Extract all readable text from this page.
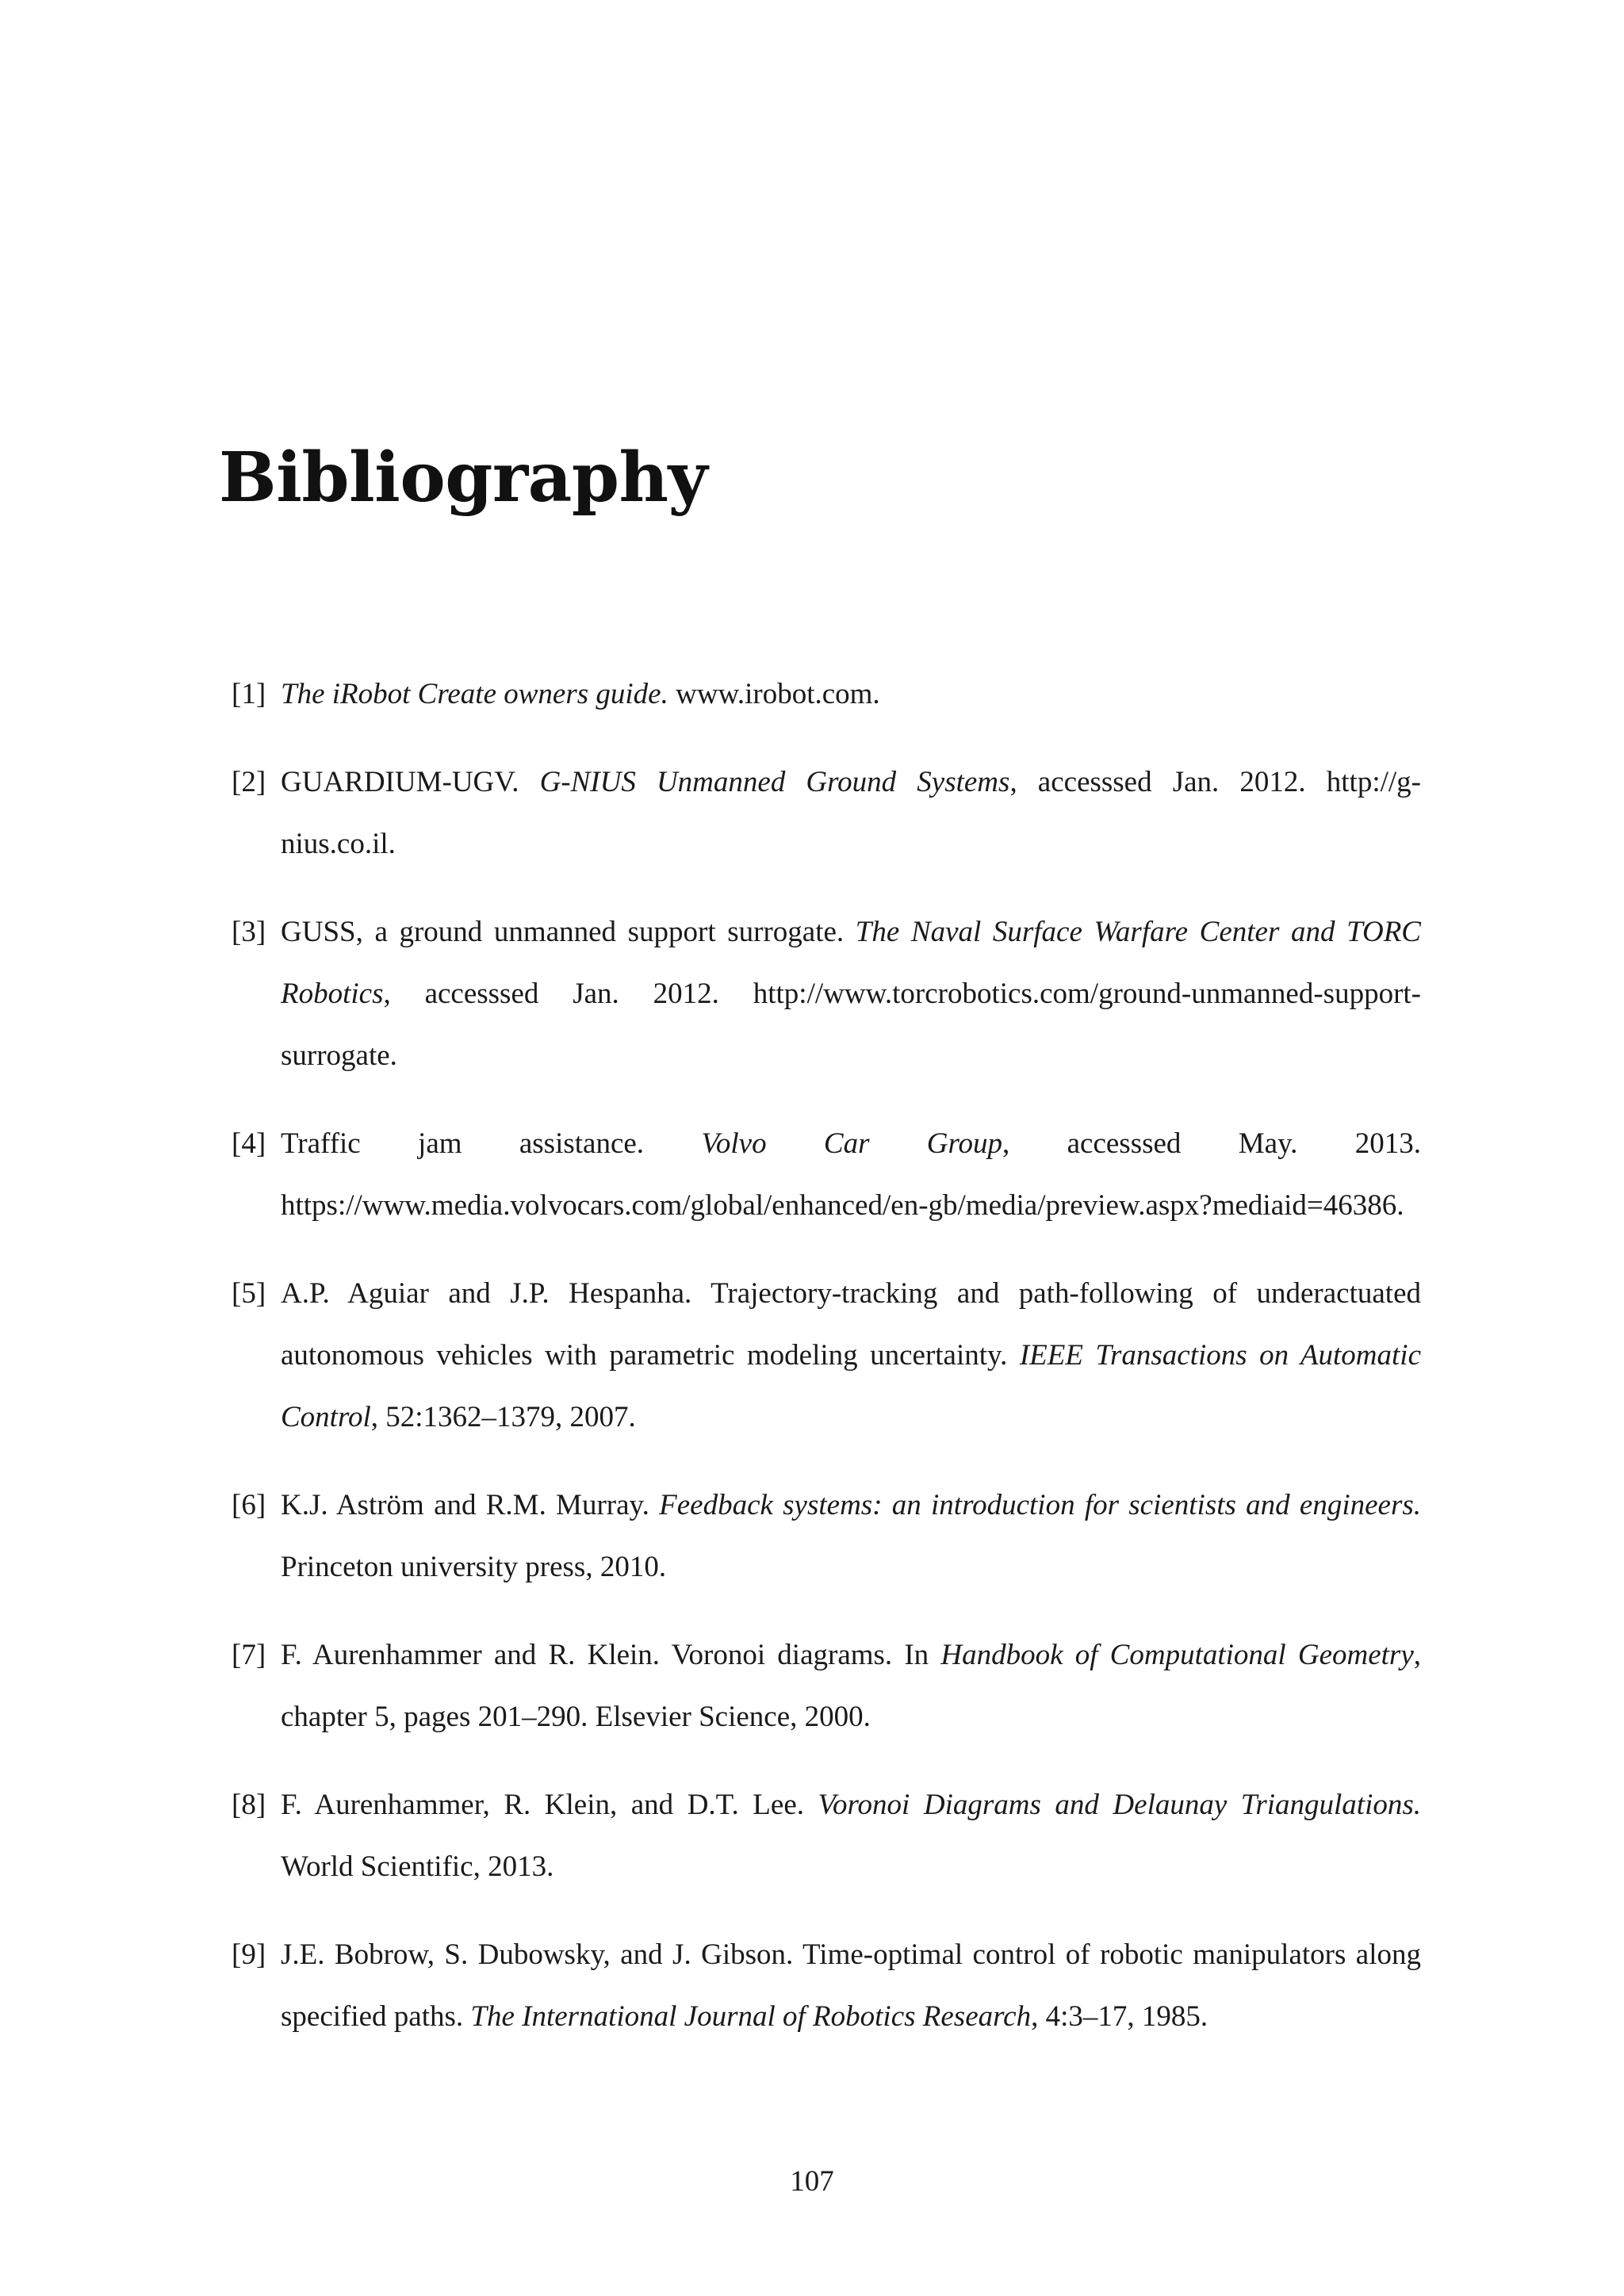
Bibliography
[1] The iRobot Create owners guide. www.irobot.com.
[2] GUARDIUM-UGV. G-NIUS Unmanned Ground Systems, accesssed Jan. 2012. http://g-nius.co.il.
[3] GUSS, a ground unmanned support surrogate. The Naval Surface Warfare Center and TORC Robotics, accesssed Jan. 2012. http://www.torcrobotics.com/ground-unmanned-support-surrogate.
[4] Traffic jam assistance. Volvo Car Group, accesssed May. 2013. https://www.media.volvocars.com/global/enhanced/en-gb/media/preview.aspx?mediaid=46386.
[5] A.P. Aguiar and J.P. Hespanha. Trajectory-tracking and path-following of underactuated autonomous vehicles with parametric modeling uncertainty. IEEE Transactions on Automatic Control, 52:1362–1379, 2007.
[6] K.J. Aström and R.M. Murray. Feedback systems: an introduction for scientists and engineers. Princeton university press, 2010.
[7] F. Aurenhammer and R. Klein. Voronoi diagrams. In Handbook of Computational Geometry, chapter 5, pages 201–290. Elsevier Science, 2000.
[8] F. Aurenhammer, R. Klein, and D.T. Lee. Voronoi Diagrams and Delaunay Triangulations. World Scientific, 2013.
[9] J.E. Bobrow, S. Dubowsky, and J. Gibson. Time-optimal control of robotic manipulators along specified paths. The International Journal of Robotics Research, 4:3–17, 1985.
107
